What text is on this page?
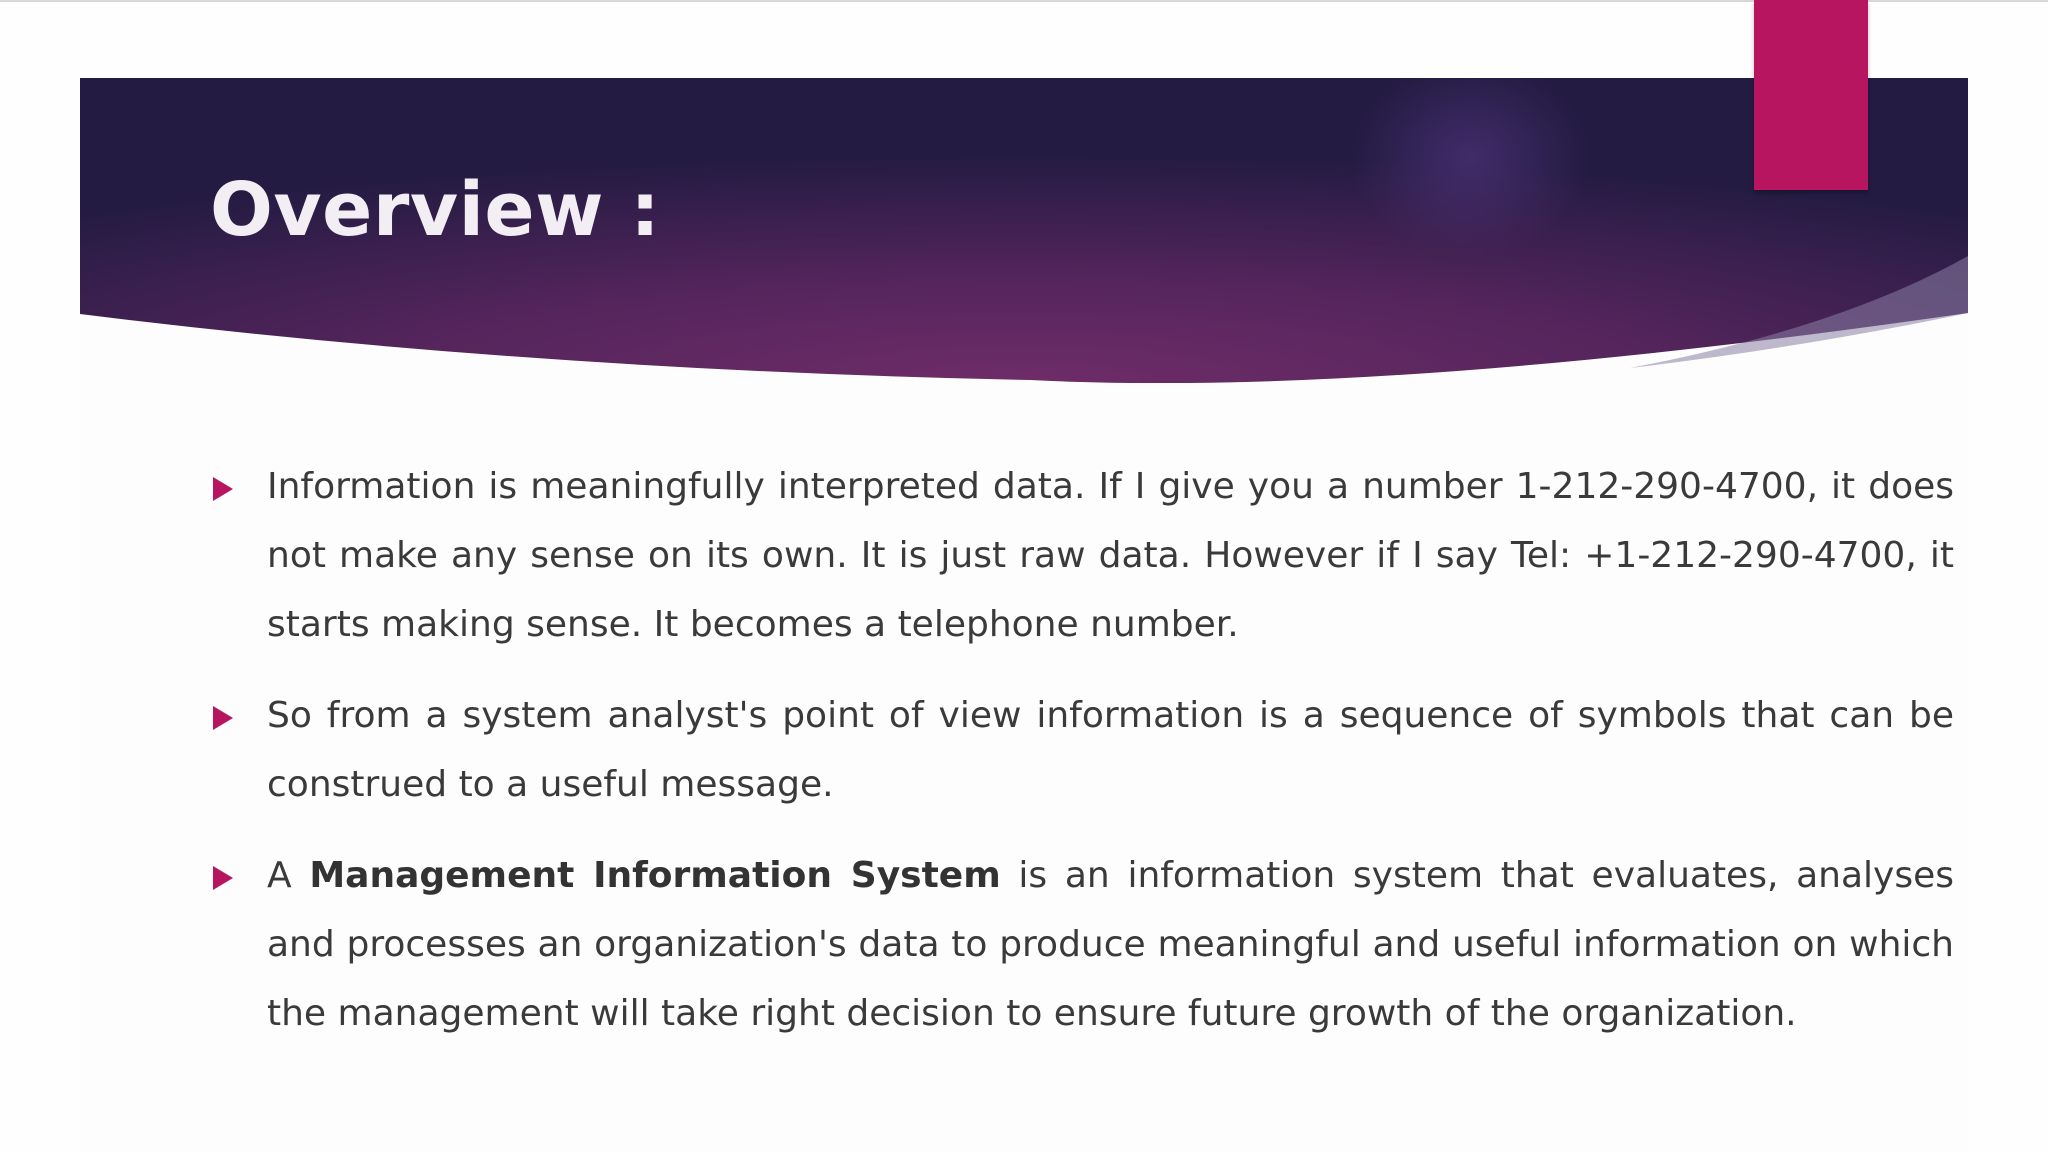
Overview :
Information is meaningfully interpreted data. If I give you a number 1-212-290-4700, it does not make any sense on its own. It is just raw data. However if I say Tel: +1-212-290-4700, it starts making sense. It becomes a telephone number.
So from a system analyst's point of view information is a sequence of symbols that can be construed to a useful message.
A Management Information System is an information system that evaluates, analyses and processes an organization's data to produce meaningful and useful information on which the management will take right decision to ensure future growth of the organization.
